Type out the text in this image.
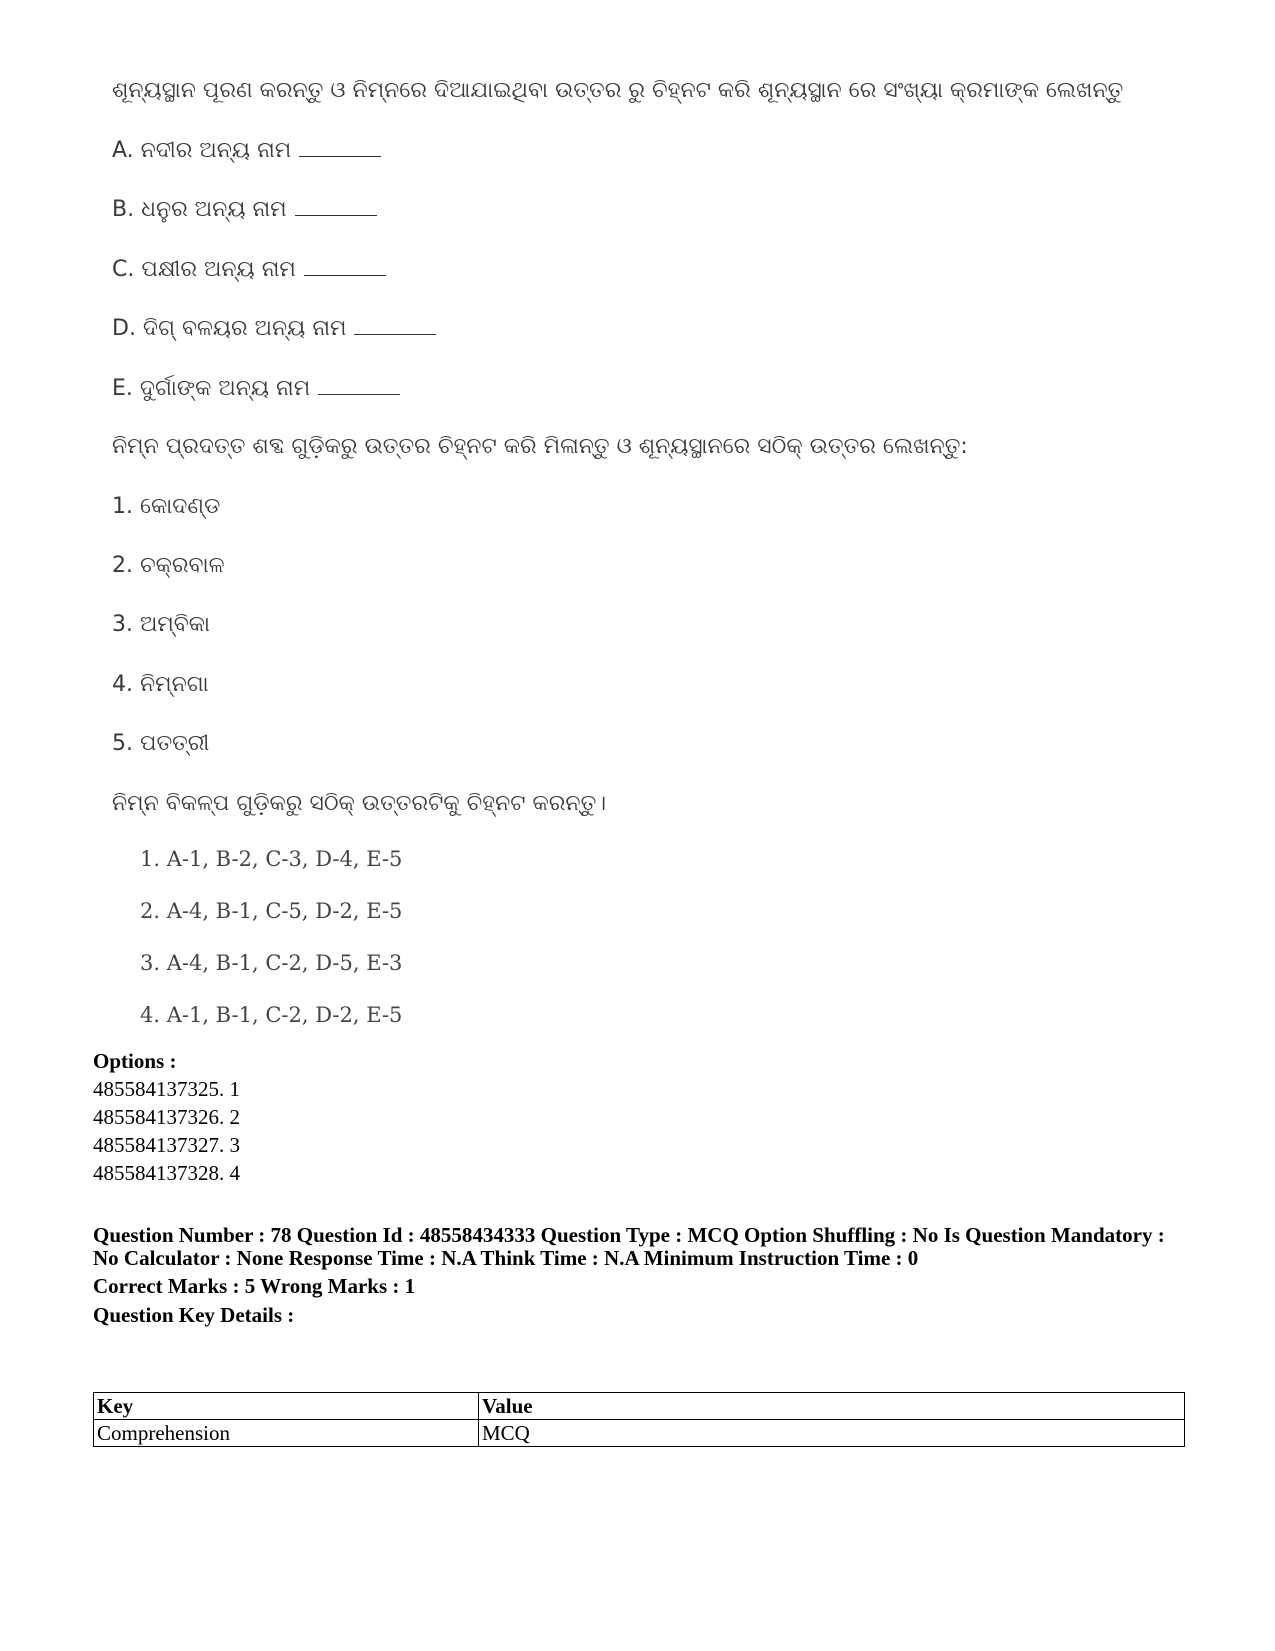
ଶୂନ୍ୟସ୍ଥାନ ପୂରଣ କରନ୍ତୁ ଓ ନିମ୍ନରେ ଦିଆଯାଇଥିବା ଉତ୍ତର ରୁ ଚିହ୍ନଟ କରି ଶୂନ୍ୟସ୍ଥାନ ରେ ସଂଖ୍ୟା କ୍ରମାଙ୍କ ଲେଖନ୍ତୁ
A. ନଦୀର ଅନ୍ୟ ନାମ
B. ଧନୁର ଅନ୍ୟ ନାମ
C. ପକ୍ଷୀର ଅନ୍ୟ ନାମ
D. ଦିଗ୍ ବଳୟର ଅନ୍ୟ ନାମ
E. ଦୁର୍ଗାଙ୍କ ଅନ୍ୟ ନାମ
ନିମ୍ନ ପ୍ରଦତ୍ତ ଶବ୍ଦ ଗୁଡ଼ିକରୁ ଉତ୍ତର ଚିହ୍ନଟ କରି ମିଳାନ୍ତୁ ଓ ଶୂନ୍ୟସ୍ଥାନରେ ସଠିକ୍ ଉତ୍ତର ଲେଖନ୍ତୁ:
1. କୋଦଣ୍ଡ
2. ଚକ୍ରବାଳ
3. ଅମ୍ବିକା
4. ନିମ୍ନଗା
5. ପତତ୍ରୀ
ନିମ୍ନ ବିକଳ୍ପ ଗୁଡ଼ିକରୁ ସଠିକ୍ ଉତ୍ତରଟିକୁ ଚିହ୍ନଟ କରନ୍ତୁ।
1. A-1, B-2, C-3, D-4, E-5
2. A-4, B-1, C-5, D-2, E-5
3. A-4, B-1, C-2, D-5, E-3
4. A-1, B-1, C-2, D-2, E-5
Options :
485584137325. 1
485584137326. 2
485584137327. 3
485584137328. 4
Question Number : 78 Question Id : 48558434333 Question Type : MCQ Option Shuffling : No Is Question Mandatory :
No Calculator : None Response Time : N.A Think Time : N.A Minimum Instruction Time : 0
Correct Marks : 5 Wrong Marks : 1
Question Key Details :
Key	Value
Comprehension	MCQ
